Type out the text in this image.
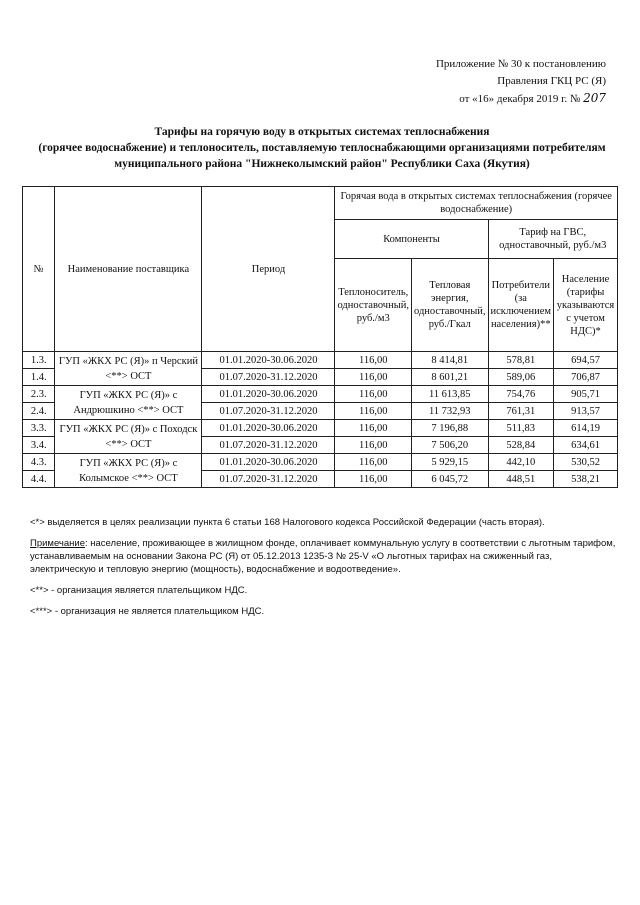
Приложение № 30 к постановлению
Правления ГКЦ РС (Я)
от «16» декабря 2019 г. № 207
Тарифы на горячую воду в открытых системах теплоснабжения
(горячее водоснабжение) и теплоноситель, поставляемую теплоснабжающими организациями потребителям
муниципального района "Нижнеколымский район" Республики Саха (Якутия)
№	Наименование поставщика	Период	Горячая вода в открытых системах теплоснабжения (горячее водоснабжение)			
			Компоненты		Тариф на ГВС, одноставочный, руб./м3	
			Теплоноситель, одноставочный, руб./м3	Тепловая энергия, одноставочный, руб./Гкал	Потребители (за исключением населения)**	Население (тарифы указываются с учетом НДС)*
1.3.	ГУП «ЖКХ РС (Я)» п Черский <**> ОСТ	01.01.2020-30.06.2020	116,00	8 414,81	578,81	694,57
1.4.		01.07.2020-31.12.2020	116,00	8 601,21	589,06	706,87
2.3.	ГУП «ЖКХ РС (Я)» с Андрюшкино <**> ОСТ	01.01.2020-30.06.2020	116,00	11 613,85	754,76	905,71
2.4.		01.07.2020-31.12.2020	116,00	11 732,93	761,31	913,57
3.3.	ГУП «ЖКХ РС (Я)» с Походск <**> ОСТ	01.01.2020-30.06.2020	116,00	7 196,88	511,83	614,19
3.4.		01.07.2020-31.12.2020	116,00	7 506,20	528,84	634,61
4.3.	ГУП «ЖКХ РС (Я)» с Колымское <**> ОСТ	01.01.2020-30.06.2020	116,00	5 929,15	442,10	530,52
4.4.		01.07.2020-31.12.2020	116,00	6 045,72	448,51	538,21

<*> выделяется в целях реализации пункта 6 статьи 168 Налогового кодекса Российской Федерации (часть вторая).

Примечание: население, проживающее в жилищном фонде, оплачивает коммунальную услугу в соответствии с льготным тарифом, устанавливаемым на основании Закона РС (Я) от 05.12.2013 1235-З № 25-V «О льготных тарифах на сжиженный газ, электрическую и тепловую энергию (мощность), водоснабжение и водоотведение».

<**> - организация является плательщиком НДС.

<***> - организация не является плательщиком НДС.
